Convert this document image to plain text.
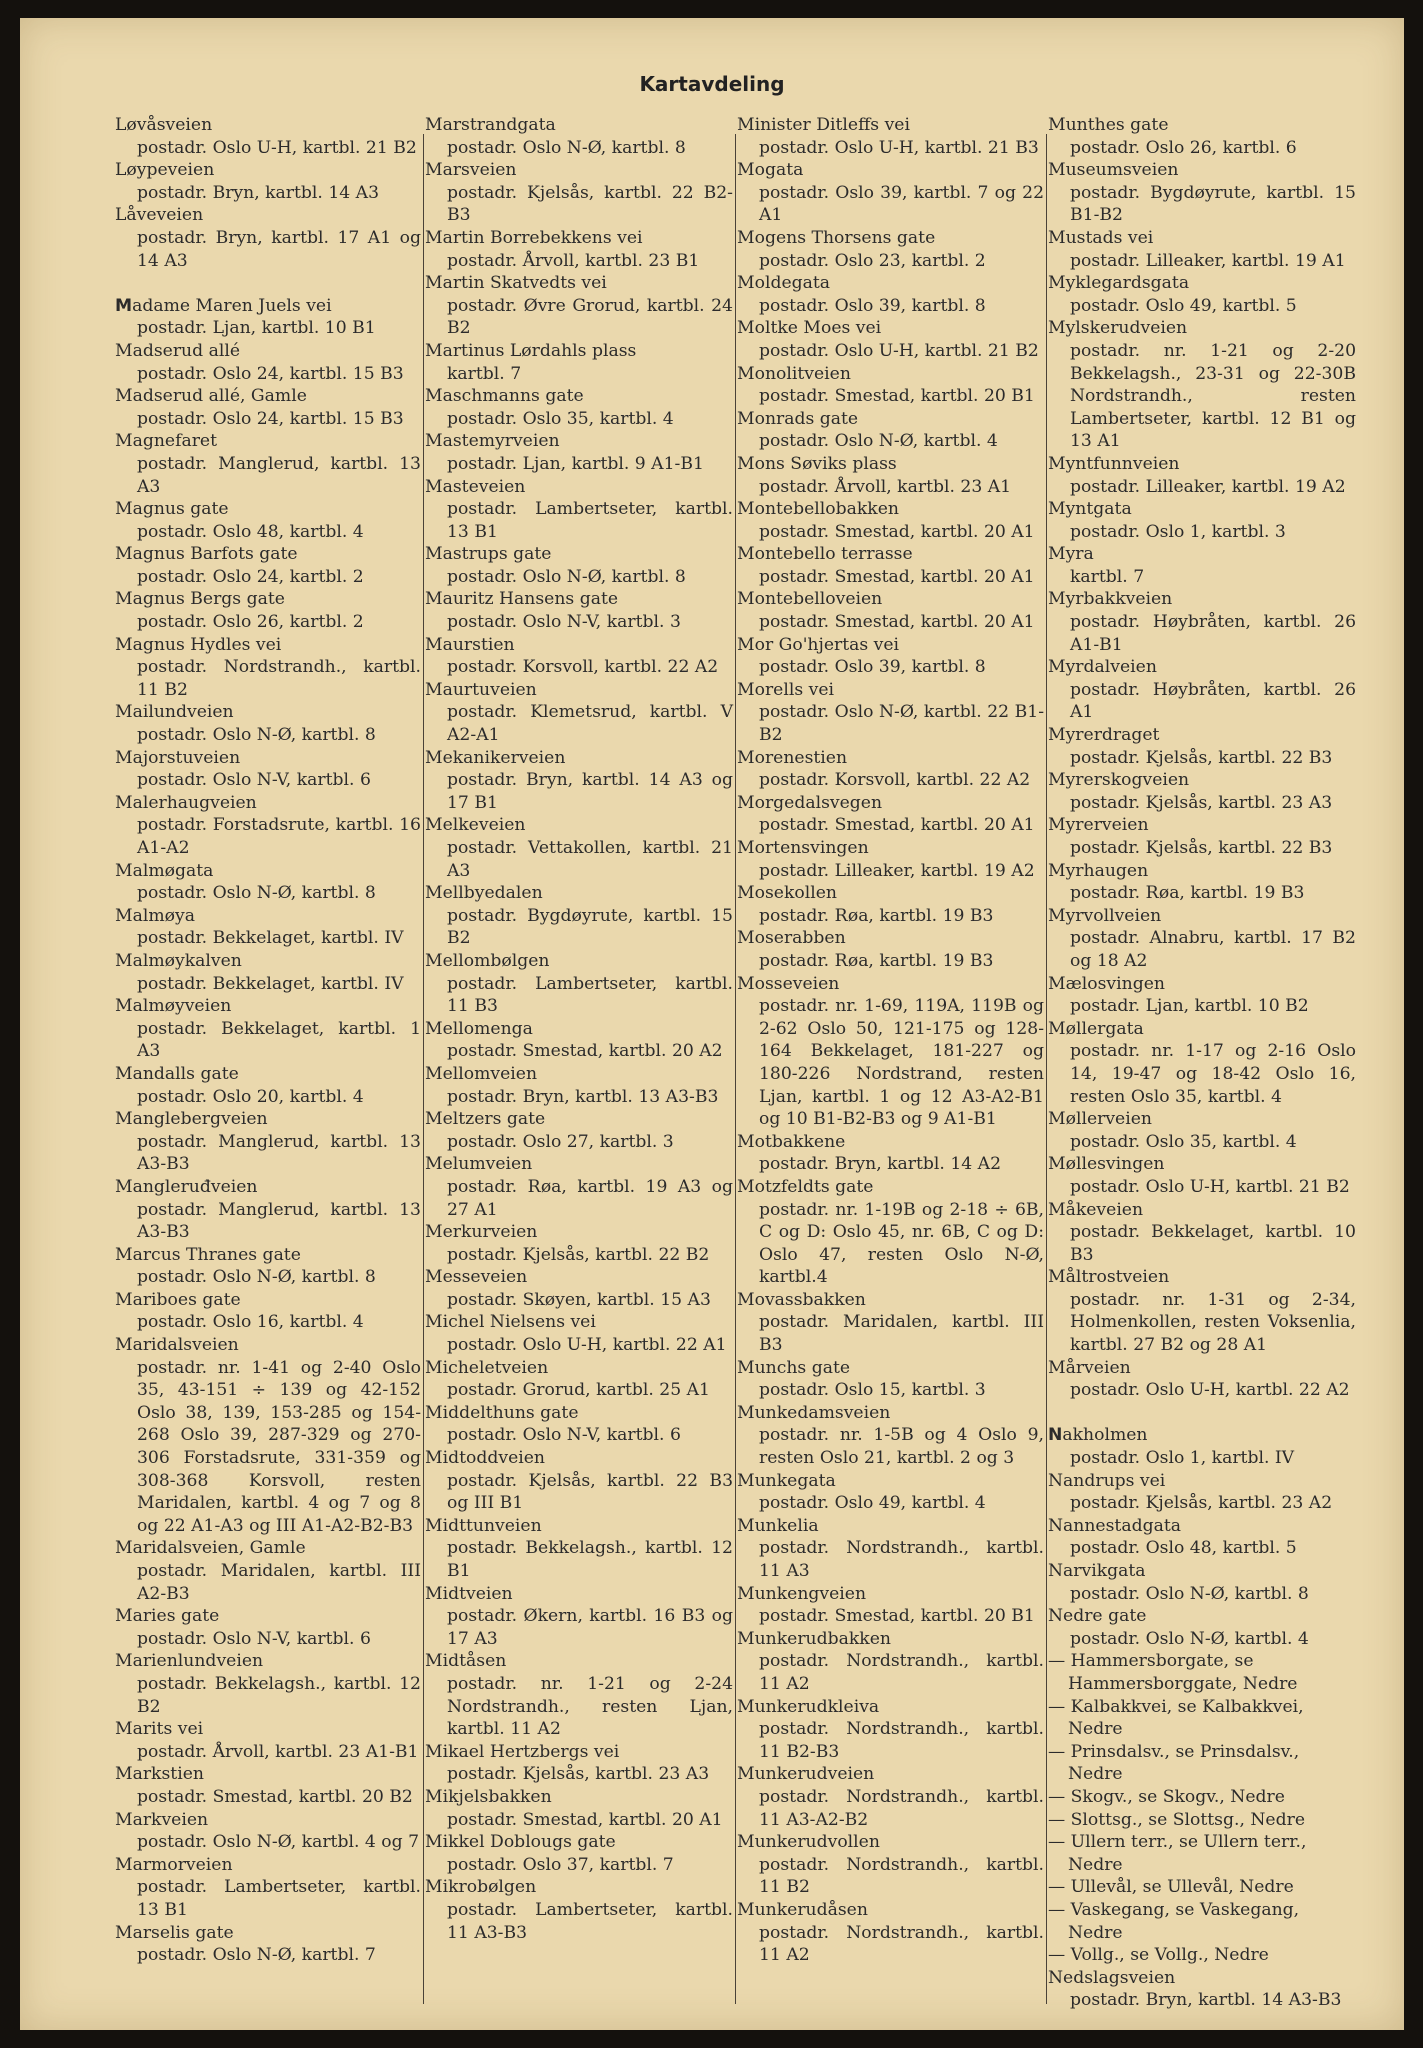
Kartavdeling
Løvåsveien
postadr. Oslo U-H, kartbl. 21 B2
Løypeveien
postadr. Bryn, kartbl. 14 A3
Låveveien
postadr. Bryn, kartbl. 17 A1 og 14 A3
Madame Maren Juels vei
postadr. Ljan, kartbl. 10 B1
Madserud allé
postadr. Oslo 24, kartbl. 15 B3
Madserud allé, Gamle
postadr. Oslo 24, kartbl. 15 B3
Magnefaret
postadr. Manglerud, kartbl. 13 A3
Magnus gate
postadr. Oslo 48, kartbl. 4
Magnus Barfots gate
postadr. Oslo 24, kartbl. 2
Magnus Bergs gate
postadr. Oslo 26, kartbl. 2
Magnus Hydles vei
postadr. Nordstrandh., kartbl. 11 B2
Mailundveien
postadr. Oslo N-Ø, kartbl. 8
Majorstuveien
postadr. Oslo N-V, kartbl. 6
Malerhaugveien
postadr. Forstadsrute, kartbl. 16 A1-A2
Malmøgata
postadr. Oslo N-Ø, kartbl. 8
Malmøya
postadr. Bekkelaget, kartbl. IV
Malmøykalven
postadr. Bekkelaget, kartbl. IV
Malmøyveien
postadr. Bekkelaget, kartbl. 1 A3
Mandalls gate
postadr. Oslo 20, kartbl. 4
Manglebergveien
postadr. Manglerud, kartbl. 13 A3-B3
Mangleruđveien
postadr. Manglerud, kartbl. 13 A3-B3
Marcus Thranes gate
postadr. Oslo N-Ø, kartbl. 8
Mariboes gate
postadr. Oslo 16, kartbl. 4
Maridalsveien
postadr. nr. 1-41 og 2-40 Oslo 35, 43-151 ÷ 139 og 42-152 Oslo 38, 139, 153-285 og 154-268 Oslo 39, 287-329 og 270-306 Forstadsrute, 331-359 og 308-368 Korsvoll, resten Maridalen, kartbl. 4 og 7 og 8 og 22 A1-A3 og III A1-A2-B2-B3
Maridalsveien, Gamle
postadr. Maridalen, kartbl. III A2-B3
Maries gate
postadr. Oslo N-V, kartbl. 6
Marienlundveien
postadr. Bekkelagsh., kartbl. 12 B2
Marits vei
postadr. Årvoll, kartbl. 23 A1-B1
Markstien
postadr. Smestad, kartbl. 20 B2
Markveien
postadr. Oslo N-Ø, kartbl. 4 og 7
Marmorveien
postadr. Lambertseter, kartbl. 13 B1
Marselis gate
postadr. Oslo N-Ø, kartbl. 7
Marstrandgata
postadr. Oslo N-Ø, kartbl. 8
Marsveien
postadr. Kjelsås, kartbl. 22 B2-B3
Martin Borrebekkens vei
postadr. Årvoll, kartbl. 23 B1
Martin Skatvedts vei
postadr. Øvre Grorud, kartbl. 24 B2
Martinus Lørdahls plass
kartbl. 7
Maschmanns gate
postadr. Oslo 35, kartbl. 4
Mastemyrveien
postadr. Ljan, kartbl. 9 A1-B1
Masteveien
postadr. Lambertseter, kartbl. 13 B1
Mastrups gate
postadr. Oslo N-Ø, kartbl. 8
Mauritz Hansens gate
postadr. Oslo N-V, kartbl. 3
Maurstien
postadr. Korsvoll, kartbl. 22 A2
Maurtuveien
postadr. Klemetsrud, kartbl. V A2-A1
Mekanikerveien
postadr. Bryn, kartbl. 14 A3 og 17 B1
Melkeveien
postadr. Vettakollen, kartbl. 21 A3
Mellbyedalen
postadr. Bygdøyrute, kartbl. 15 B2
Mellombølgen
postadr. Lambertseter, kartbl. 11 B3
Mellomenga
postadr. Smestad, kartbl. 20 A2
Mellomveien
postadr. Bryn, kartbl. 13 A3-B3
Meltzers gate
postadr. Oslo 27, kartbl. 3
Melumveien
postadr. Røa, kartbl. 19 A3 og 27 A1
Merkurveien
postadr. Kjelsås, kartbl. 22 B2
Messeveien
postadr. Skøyen, kartbl. 15 A3
Michel Nielsens vei
postadr. Oslo U-H, kartbl. 22 A1
Micheletveien
postadr. Grorud, kartbl. 25 A1
Middelthuns gate
postadr. Oslo N-V, kartbl. 6
Midtoddveien
postadr. Kjelsås, kartbl. 22 B3 og III B1
Midttunveien
postadr. Bekkelagsh., kartbl. 12 B1
Midtveien
postadr. Økern, kartbl. 16 B3 og 17 A3
Midtåsen
postadr. nr. 1-21 og 2-24 Nordstrandh., resten Ljan, kartbl. 11 A2
Mikael Hertzbergs vei
postadr. Kjelsås, kartbl. 23 A3
Mikjelsbakken
postadr. Smestad, kartbl. 20 A1
Mikkel Doblougs gate
postadr. Oslo 37, kartbl. 7
Mikrobølgen
postadr. Lambertseter, kartbl. 11 A3-B3
Minister Ditleffs vei
postadr. Oslo U-H, kartbl. 21 B3
Mogata
postadr. Oslo 39, kartbl. 7 og 22 A1
Mogens Thorsens gate
postadr. Oslo 23, kartbl. 2
Moldegata
postadr. Oslo 39, kartbl. 8
Moltke Moes vei
postadr. Oslo U-H, kartbl. 21 B2
Monolitveien
postadr. Smestad, kartbl. 20 B1
Monrads gate
postadr. Oslo N-Ø, kartbl. 4
Mons Søviks plass
postadr. Årvoll, kartbl. 23 A1
Montebellobakken
postadr. Smestad, kartbl. 20 A1
Montebello terrasse
postadr. Smestad, kartbl. 20 A1
Montebelloveien
postadr. Smestad, kartbl. 20 A1
Mor Go'hjertas vei
postadr. Oslo 39, kartbl. 8
Morells vei
postadr. Oslo N-Ø, kartbl. 22 B1-B2
Morenestien
postadr. Korsvoll, kartbl. 22 A2
Morgedalsvegen
postadr. Smestad, kartbl. 20 A1
Mortensvingen
postadr. Lilleaker, kartbl. 19 A2
Mosekollen
postadr. Røa, kartbl. 19 B3
Moserabben
postadr. Røa, kartbl. 19 B3
Mosseveien
postadr. nr. 1-69, 119A, 119B og 2-62 Oslo 50, 121-175 og 128-164 Bekkelaget, 181-227 og 180-226 Nordstrand, resten Ljan, kartbl. 1 og 12 A3-A2-B1 og 10 B1-B2-B3 og 9 A1-B1
Motbakkene
postadr. Bryn, kartbl. 14 A2
Motzfeldts gate
postadr. nr. 1-19B og 2-18 ÷ 6B, C og D: Oslo 45, nr. 6B, C og D: Oslo 47, resten Oslo N-Ø, kartbl.4
Movassbakken
postadr. Maridalen, kartbl. III B3
Munchs gate
postadr. Oslo 15, kartbl. 3
Munkedamsveien
postadr. nr. 1-5B og 4 Oslo 9, resten Oslo 21, kartbl. 2 og 3
Munkegata
postadr. Oslo 49, kartbl. 4
Munkelia
postadr. Nordstrandh., kartbl. 11 A3
Munkengveien
postadr. Smestad, kartbl. 20 B1
Munkerudbakken
postadr. Nordstrandh., kartbl. 11 A2
Munkerudkleiva
postadr. Nordstrandh., kartbl. 11 B2-B3
Munkerudveien
postadr. Nordstrandh., kartbl. 11 A3-A2-B2
Munkerudvollen
postadr. Nordstrandh., kartbl. 11 B2
Munkerudåsen
postadr. Nordstrandh., kartbl. 11 A2
Munthes gate
postadr. Oslo 26, kartbl. 6
Museumsveien
postadr. Bygdøyrute, kartbl. 15 B1-B2
Mustads vei
postadr. Lilleaker, kartbl. 19 A1
Myklegardsgata
postadr. Oslo 49, kartbl. 5
Mylskerudveien
postadr. nr. 1-21 og 2-20 Bekkelagsh., 23-31 og 22-30B Nordstrandh., resten Lambertseter, kartbl. 12 B1 og 13 A1
Myntfunnveien
postadr. Lilleaker, kartbl. 19 A2
Myntgata
postadr. Oslo 1, kartbl. 3
Myra
kartbl. 7
Myrbakkveien
postadr. Høybråten, kartbl. 26 A1-B1
Myrdalveien
postadr. Høybråten, kartbl. 26 A1
Myrerdraget
postadr. Kjelsås, kartbl. 22 B3
Myrerskogveien
postadr. Kjelsås, kartbl. 23 A3
Myrerveien
postadr. Kjelsås, kartbl. 22 B3
Myrhaugen
postadr. Røa, kartbl. 19 B3
Myrvollveien
postadr. Alnabru, kartbl. 17 B2 og 18 A2
Mælosvingen
postadr. Ljan, kartbl. 10 B2
Møllergata
postadr. nr. 1-17 og 2-16 Oslo 14, 19-47 og 18-42 Oslo 16, resten Oslo 35, kartbl. 4
Møllerveien
postadr. Oslo 35, kartbl. 4
Møllesvingen
postadr. Oslo U-H, kartbl. 21 B2
Måkeveien
postadr. Bekkelaget, kartbl. 10 B3
Måltrostveien
postadr. nr. 1-31 og 2-34, Holmenkollen, resten Voksenlia, kartbl. 27 B2 og 28 A1
Mårveien
postadr. Oslo U-H, kartbl. 22 A2
Nakholmen
postadr. Oslo 1, kartbl. IV
Nandrups vei
postadr. Kjelsås, kartbl. 23 A2
Nannestadgata
postadr. Oslo 48, kartbl. 5
Narvikgata
postadr. Oslo N-Ø, kartbl. 8
Nedre gate
postadr. Oslo N-Ø, kartbl. 4
— Hammersborgate, se Hammersborggate, Nedre
— Kalbakkvei, se Kalbakkvei, Nedre
— Prinsdalsv., se Prinsdalsv., Nedre
— Skogv., se Skogv., Nedre
— Slottsg., se Slottsg., Nedre
— Ullern terr., se Ullern terr., Nedre
— Ullevål, se Ullevål, Nedre
— Vaskegang, se Vaskegang, Nedre
— Vollg., se Vollg., Nedre
Nedslagsveien
postadr. Bryn, kartbl. 14 A3-B3
